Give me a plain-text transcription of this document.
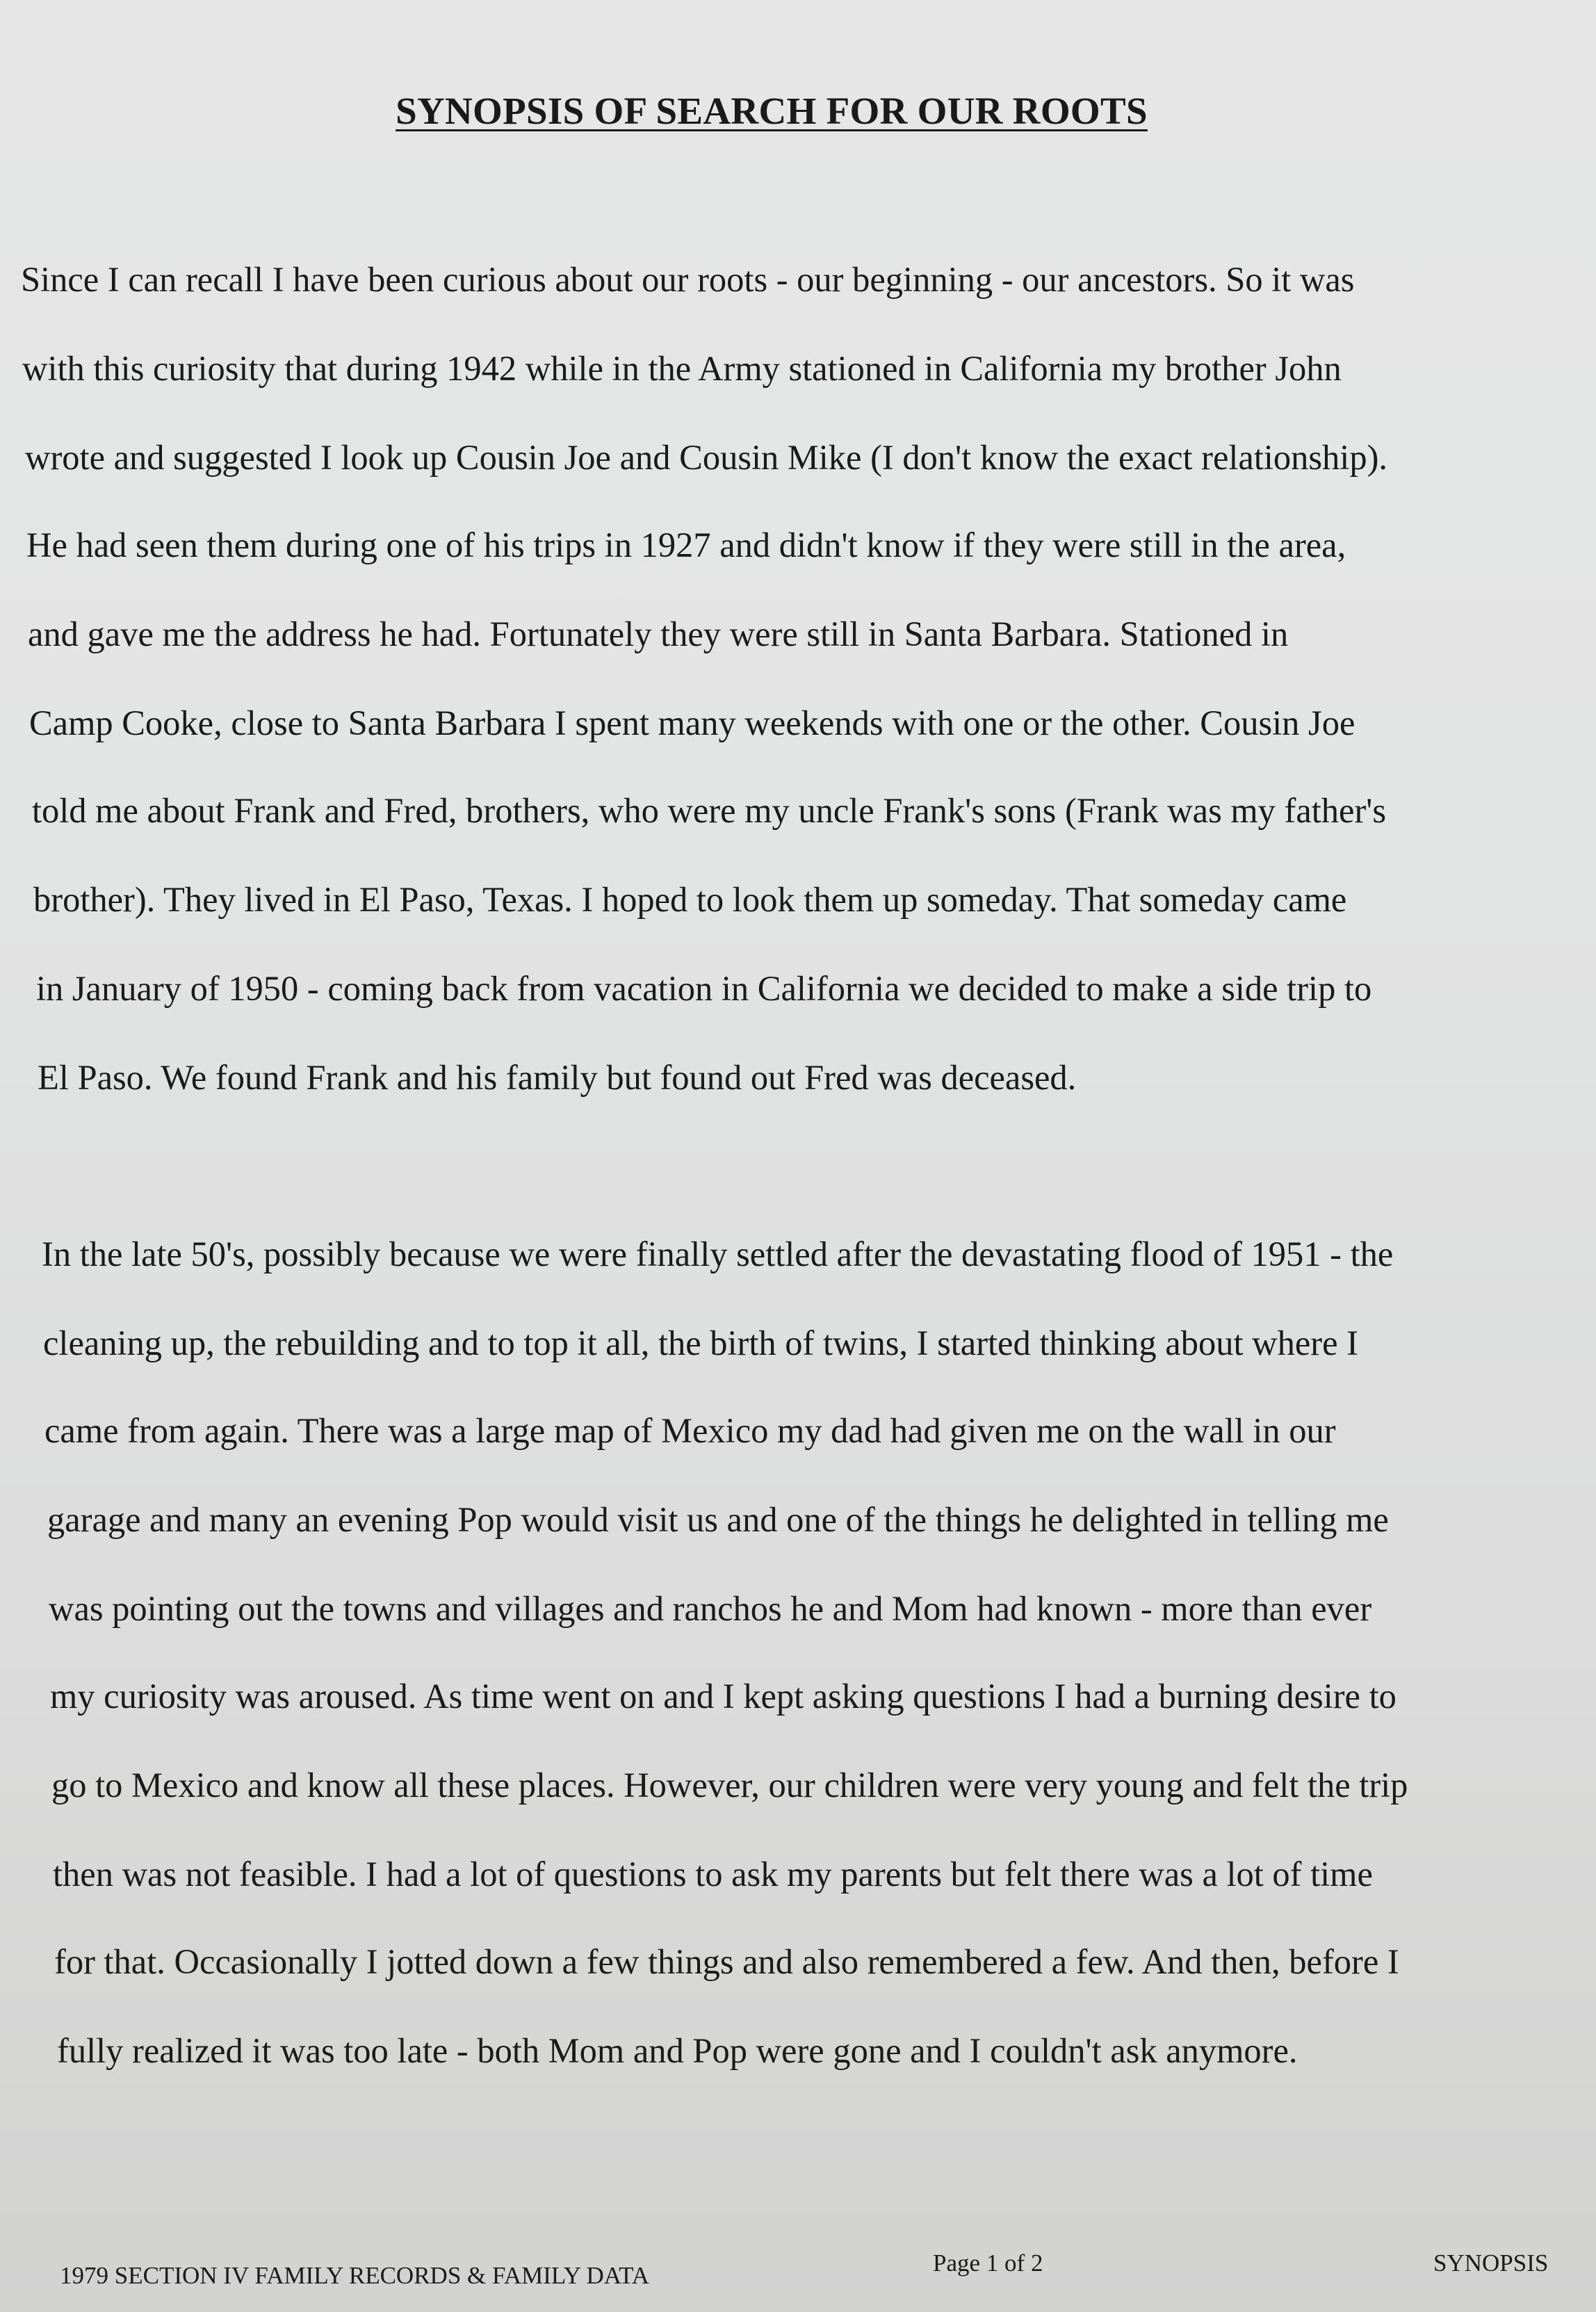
SYNOPSIS OF SEARCH FOR OUR ROOTS

Since I can recall I have been curious about our roots - our beginning - our ancestors. So it was

with this curiosity that during 1942 while in the Army stationed in California my brother John

wrote and suggested I look up Cousin Joe and Cousin Mike (I don't know the exact relationship).

He had seen them during one of his trips in 1927 and didn't know if they were still in the area,

and gave me the address he had. Fortunately they were still in Santa Barbara. Stationed in

Camp Cooke, close to Santa Barbara I spent many weekends with one or the other. Cousin Joe

told me about Frank and Fred, brothers, who were my uncle Frank's sons (Frank was my father's

brother). They lived in El Paso, Texas. I hoped to look them up someday. That someday came

in January of 1950 - coming back from vacation in California we decided to make a side trip to

El Paso. We found Frank and his family but found out Fred was deceased.

In the late 50's, possibly because we were finally settled after the devastating flood of 1951 - the

cleaning up, the rebuilding and to top it all, the birth of twins, I started thinking about where I

came from again. There was a large map of Mexico my dad had given me on the wall in our

garage and many an evening Pop would visit us and one of the things he delighted in telling me

was pointing out the towns and villages and ranchos he and Mom had known - more than ever

my curiosity was aroused. As time went on and I kept asking questions I had a burning desire to

go to Mexico and know all these places. However, our children were very young and felt the trip

then was not feasible. I had a lot of questions to ask my parents but felt there was a lot of time

for that. Occasionally I jotted down a few things and also remembered a few. And then, before I

fully realized it was too late - both Mom and Pop were gone and I couldn't ask anymore.

1979 SECTION IV FAMILY RECORDS & FAMILY DATA	Page 1 of 2	SYNOPSIS
